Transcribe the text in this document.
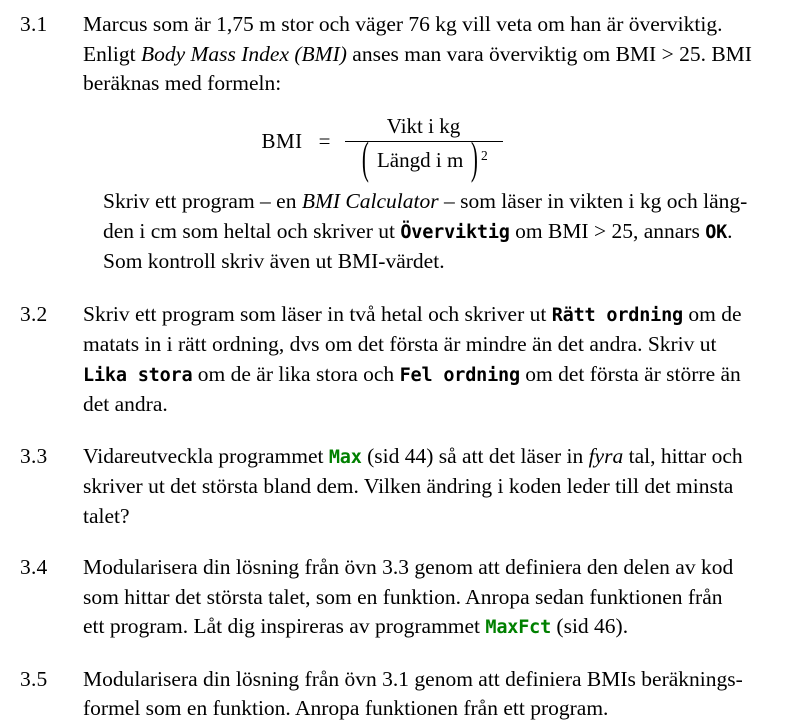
3.1	Marcus som är 1,75 m stor och väger 76 kg vill veta om han är överviktig.

Enligt Body Mass Index (BMI) anses man vara överviktig om BMI > 25. BMI

beräknas med formeln:

BMI = $\frac{\text{Vikt i kg}}{\text{( Längd i m ) 2}}$

Skriv ett program – en BMI Calculator – som läser in vikten i kg och läng-

den i cm som heltal och skriver ut Överviktig om BMI > 25, annars OK.

Som kontroll skriv även ut BMI-värdet.

3.2	Skriv ett program som läser in två hetal och skriver ut Rätt ordning om de

matats in i rätt ordning, dvs om det första är mindre än det andra. Skriv ut

Lika stora om de är lika stora och Fel ordning om det första är större än

det andra.

3.3	Vidareutveckla programmet Max (sid 44) så att det läser in fyra tal, hittar och

skriver ut det största bland dem. Vilken ändring i koden leder till det minsta

talet?

3.4	Modularisera din lösning från övn 3.3 genom att definiera den delen av kod

som hittar det största talet, som en funktion. Anropa sedan funktionen från

ett program. Låt dig inspireras av programmet MaxFct (sid 46).

3.5	Modularisera din lösning från övn 3.1 genom att definiera BMIs beräknings-

formel som en funktion. Anropa funktionen från ett program.
